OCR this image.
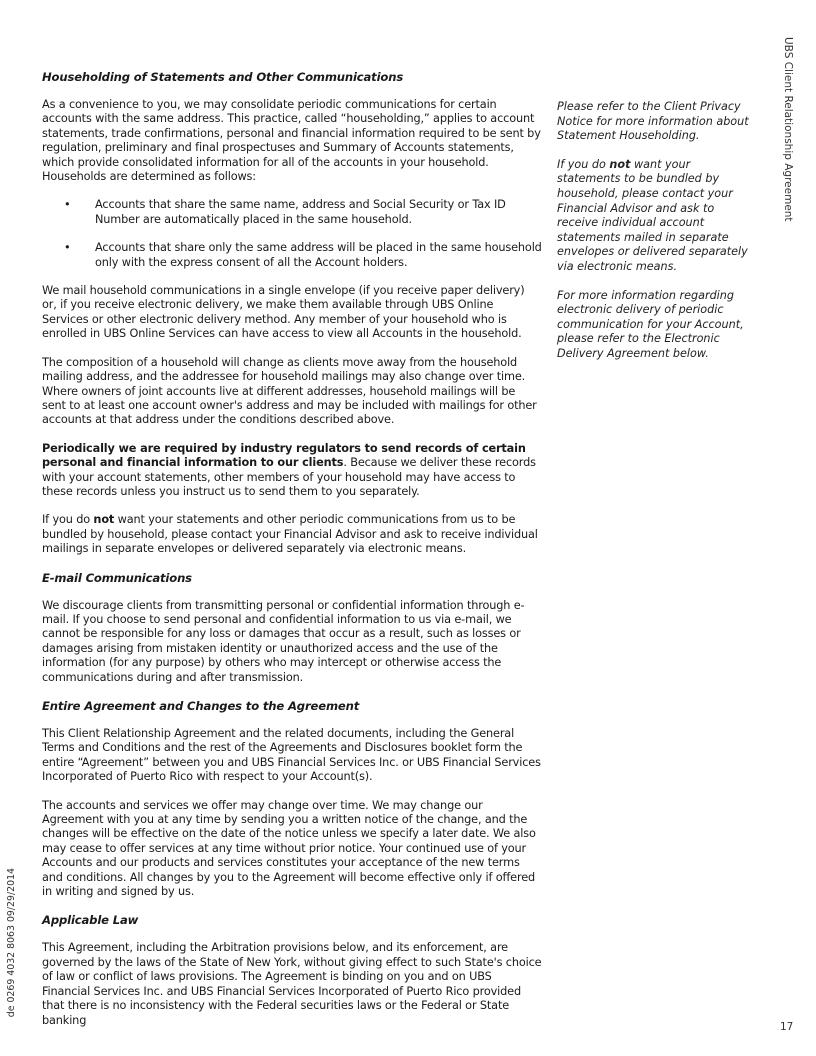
UBS Client Relationship Agreement
de 0269 4032 8063 09/29/2014
17
Householding of Statements and Other Communications

As a convenience to you, we may consolidate periodic communications for certain accounts with the same address. This practice, called “householding,” applies to account statements, trade confirmations, personal and financial information required to be sent by regulation, preliminary and final prospectuses and Summary of Accounts statements, which provide consolidated information for all of the accounts in your household. Households are determined as follows:

• Accounts that share the same name, address and Social Security or Tax ID Number are automatically placed in the same household.
• Accounts that share only the same address will be placed in the same household only with the express consent of all the Account holders.

We mail household communications in a single envelope (if you receive paper delivery) or, if you receive electronic delivery, we make them available through UBS Online Services or other electronic delivery method. Any member of your household who is enrolled in UBS Online Services can have access to view all Accounts in the household.

The composition of a household will change as clients move away from the household mailing address, and the addressee for household mailings may also change over time. Where owners of joint accounts live at different addresses, household mailings will be sent to at least one account owner's address and may be included with mailings for other accounts at that address under the conditions described above.

Periodically we are required by industry regulators to send records of certain personal and financial information to our clients. Because we deliver these records with your account statements, other members of your household may have access to these records unless you instruct us to send them to you separately.

If you do not want your statements and other periodic communications from us to be bundled by household, please contact your Financial Advisor and ask to receive individual mailings in separate envelopes or delivered separately via electronic means.

E-mail Communications

We discourage clients from transmitting personal or confidential information through e-mail. If you choose to send personal and confidential information to us via e-mail, we cannot be responsible for any loss or damages that occur as a result, such as losses or damages arising from mistaken identity or unauthorized access and the use of the information (for any purpose) by others who may intercept or otherwise access the communications during and after transmission.

Entire Agreement and Changes to the Agreement

This Client Relationship Agreement and the related documents, including the General Terms and Conditions and the rest of the Agreements and Disclosures booklet form the entire “Agreement” between you and UBS Financial Services Inc. or UBS Financial Services Incorporated of Puerto Rico with respect to your Account(s).

The accounts and services we offer may change over time. We may change our Agreement with you at any time by sending you a written notice of the change, and the changes will be effective on the date of the notice unless we specify a later date. We also may cease to offer services at any time without prior notice. Your continued use of your Accounts and our products and services constitutes your acceptance of the new terms and conditions. All changes by you to the Agreement will become effective only if offered in writing and signed by us.

Applicable Law

This Agreement, including the Arbitration provisions below, and its enforcement, are governed by the laws of the State of New York, without giving effect to such State's choice of law or conflict of laws provisions. The Agreement is binding on you and on UBS Financial Services Inc. and UBS Financial Services Incorporated of Puerto Rico provided that there is no inconsistency with the Federal securities laws or the Federal or State banking

Please refer to the Client Privacy Notice for more information about Statement Householding.

If you do not want your statements to be bundled by household, please contact your Financial Advisor and ask to receive individual account statements mailed in separate envelopes or delivered separately via electronic means.

For more information regarding electronic delivery of periodic communication for your Account, please refer to the Electronic Delivery Agreement below.
